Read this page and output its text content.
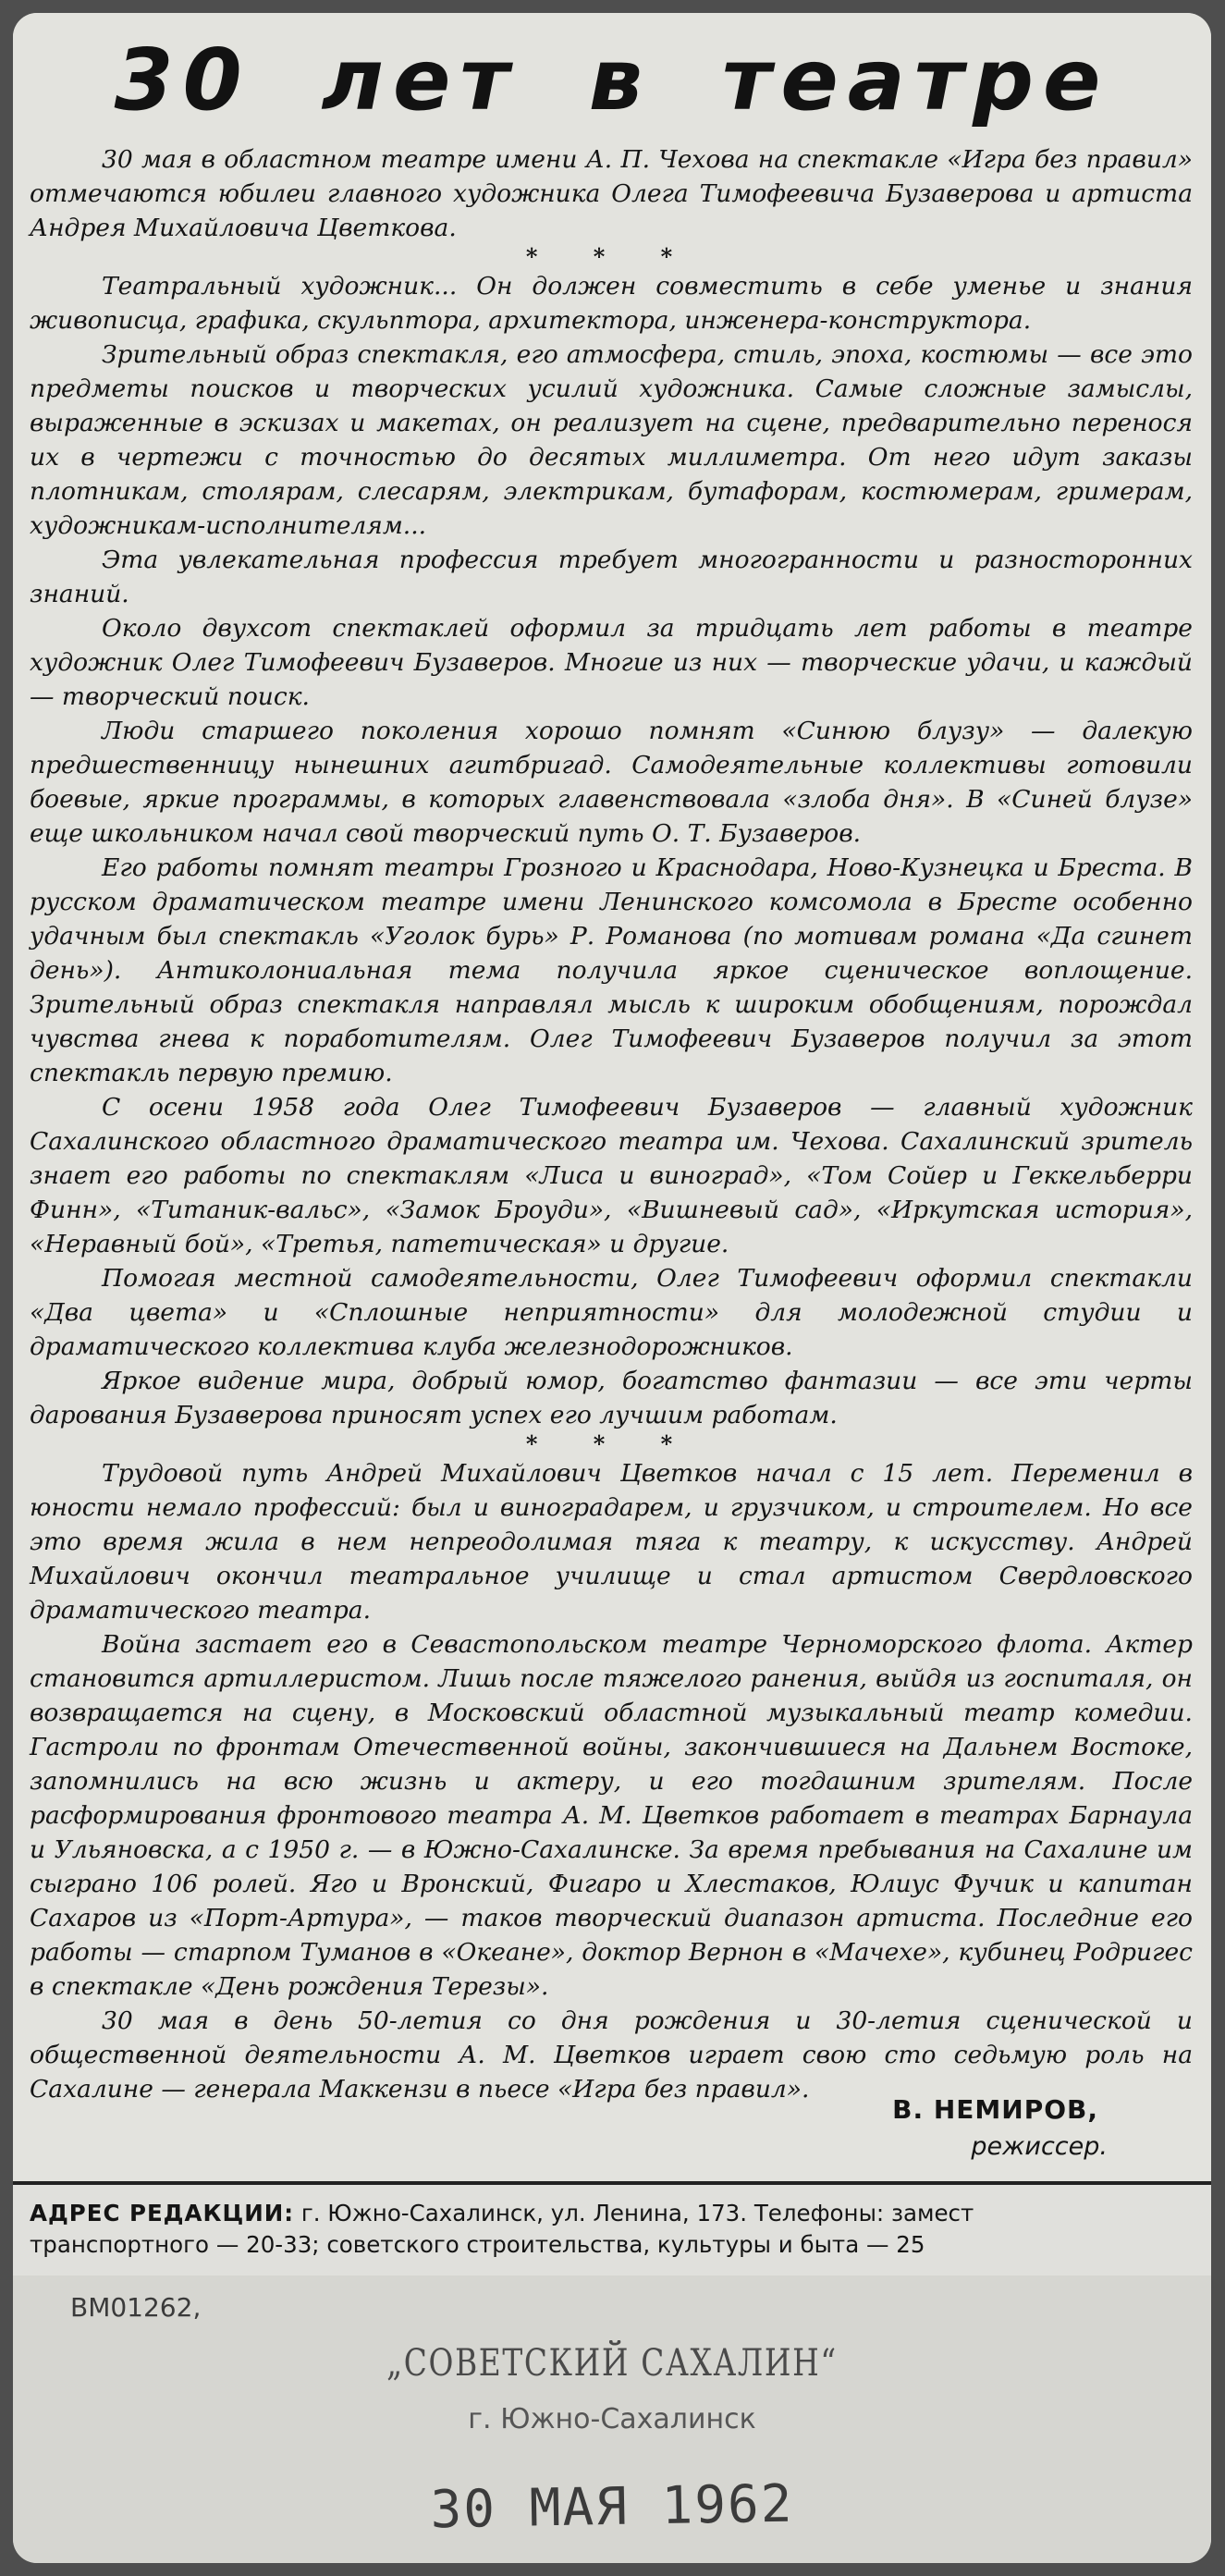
30 лет в театре

30 мая в областном театре имени А. П. Чехова на спектакле «Игра без правил» отмечаются юбилеи главного художника Олега Тимофеевича Бузаверова и артиста Андрея Михайловича Цветкова.

* * *

Театральный художник... Он должен совместить в себе уменье и знания живописца, графика, скульптора, архитектора, инженера-конструктора.

Зрительный образ спектакля, его атмосфера, стиль, эпоха, костюмы — все это предметы поисков и творческих усилий художника. Самые сложные замыслы, выраженные в эскизах и макетах, он реализует на сцене, предварительно перенося их в чертежи с точностью до десятых миллиметра. От него идут заказы плотникам, столярам, слесарям, электрикам, бутафорам, костюмерам, гримерам, художникам-исполнителям...

Эта увлекательная профессия требует многогранности и разносторонних знаний.

Около двухсот спектаклей оформил за тридцать лет работы в театре художник Олег Тимофеевич Бузаверов. Многие из них — творческие удачи, и каждый — творческий поиск.

Люди старшего поколения хорошо помнят «Синюю блузу» — далекую предшественницу нынешних агитбригад. Самодеятельные коллективы готовили боевые, яркие программы, в которых главенствовала «злоба дня». В «Синей блузе» еще школьником начал свой творческий путь О. Т. Бузаверов.

Его работы помнят театры Грозного и Краснодара, Ново-Кузнецка и Бреста. В русском драматическом театре имени Ленинского комсомола в Бресте особенно удачным был спектакль «Уголок бурь» Р. Романова (по мотивам романа «Да сгинет день»). Антиколониальная тема получила яркое сценическое воплощение. Зрительный образ спектакля направлял мысль к широким обобщениям, порождал чувства гнева к поработителям. Олег Тимофеевич Бузаверов получил за этот спектакль первую премию.

С осени 1958 года Олег Тимофеевич Бузаверов — главный художник Сахалинского областного драматического театра им. Чехова. Сахалинский зритель знает его работы по спектаклям «Лиса и виноград», «Том Сойер и Геккельберри Финн», «Титаник-вальс», «Замок Броуди», «Вишневый сад», «Иркутская история», «Неравный бой», «Третья, патетическая» и другие.

Помогая местной самодеятельности, Олег Тимофеевич оформил спектакли «Два цвета» и «Сплошные неприятности» для молодежной студии и драматического коллектива клуба железнодорожников.

Яркое видение мира, добрый юмор, богатство фантазии — все эти черты дарования Бузаверова приносят успех его лучшим работам.

* * *

Трудовой путь Андрей Михайлович Цветков начал с 15 лет. Переменил в юности немало профессий: был и виноградарем, и грузчиком, и строителем. Но все это время жила в нем непреодолимая тяга к театру, к искусству. Андрей Михайлович окончил театральное училище и стал артистом Свердловского драматического театра.

Война застает его в Севастопольском театре Черноморского флота. Актер становится артиллеристом. Лишь после тяжелого ранения, выйдя из госпиталя, он возвращается на сцену, в Московский областной музыкальный театр комедии. Гастроли по фронтам Отечественной войны, закончившиеся на Дальнем Востоке, запомнились на всю жизнь и актеру, и его тогдашним зрителям. После расформирования фронтового театра А. М. Цветков работает в театрах Барнаула и Ульяновска, а с 1950 г. — в Южно-Сахалинске. За время пребывания на Сахалине им сыграно 106 ролей. Яго и Вронский, Фигаро и Хлестаков, Юлиус Фучик и капитан Сахаров из «Порт-Артура», — таков творческий диапазон артиста. Последние его работы — старпом Туманов в «Океане», доктор Вернон в «Мачехе», кубинец Родригес в спектакле «День рождения Терезы».

30 мая в день 50-летия со дня рождения и 30-летия сценической и общественной деятельности А. М. Цветков играет свою сто седьмую роль на Сахалине — генерала Маккензи в пьесе «Игра без правил».

В. НЕМИРОВ,
режиссер.
АДРЕС РЕДАКЦИИ: г. Южно-Сахалинск, ул. Ленина, 173. Телефоны: замест
транспортного — 20-33; советского строительства, культуры и быта — 25
ВМ01262,
„СОВЕТСКИЙ САХАЛИН“
г. Южно-Сахалинск
30 МАЯ 1962
